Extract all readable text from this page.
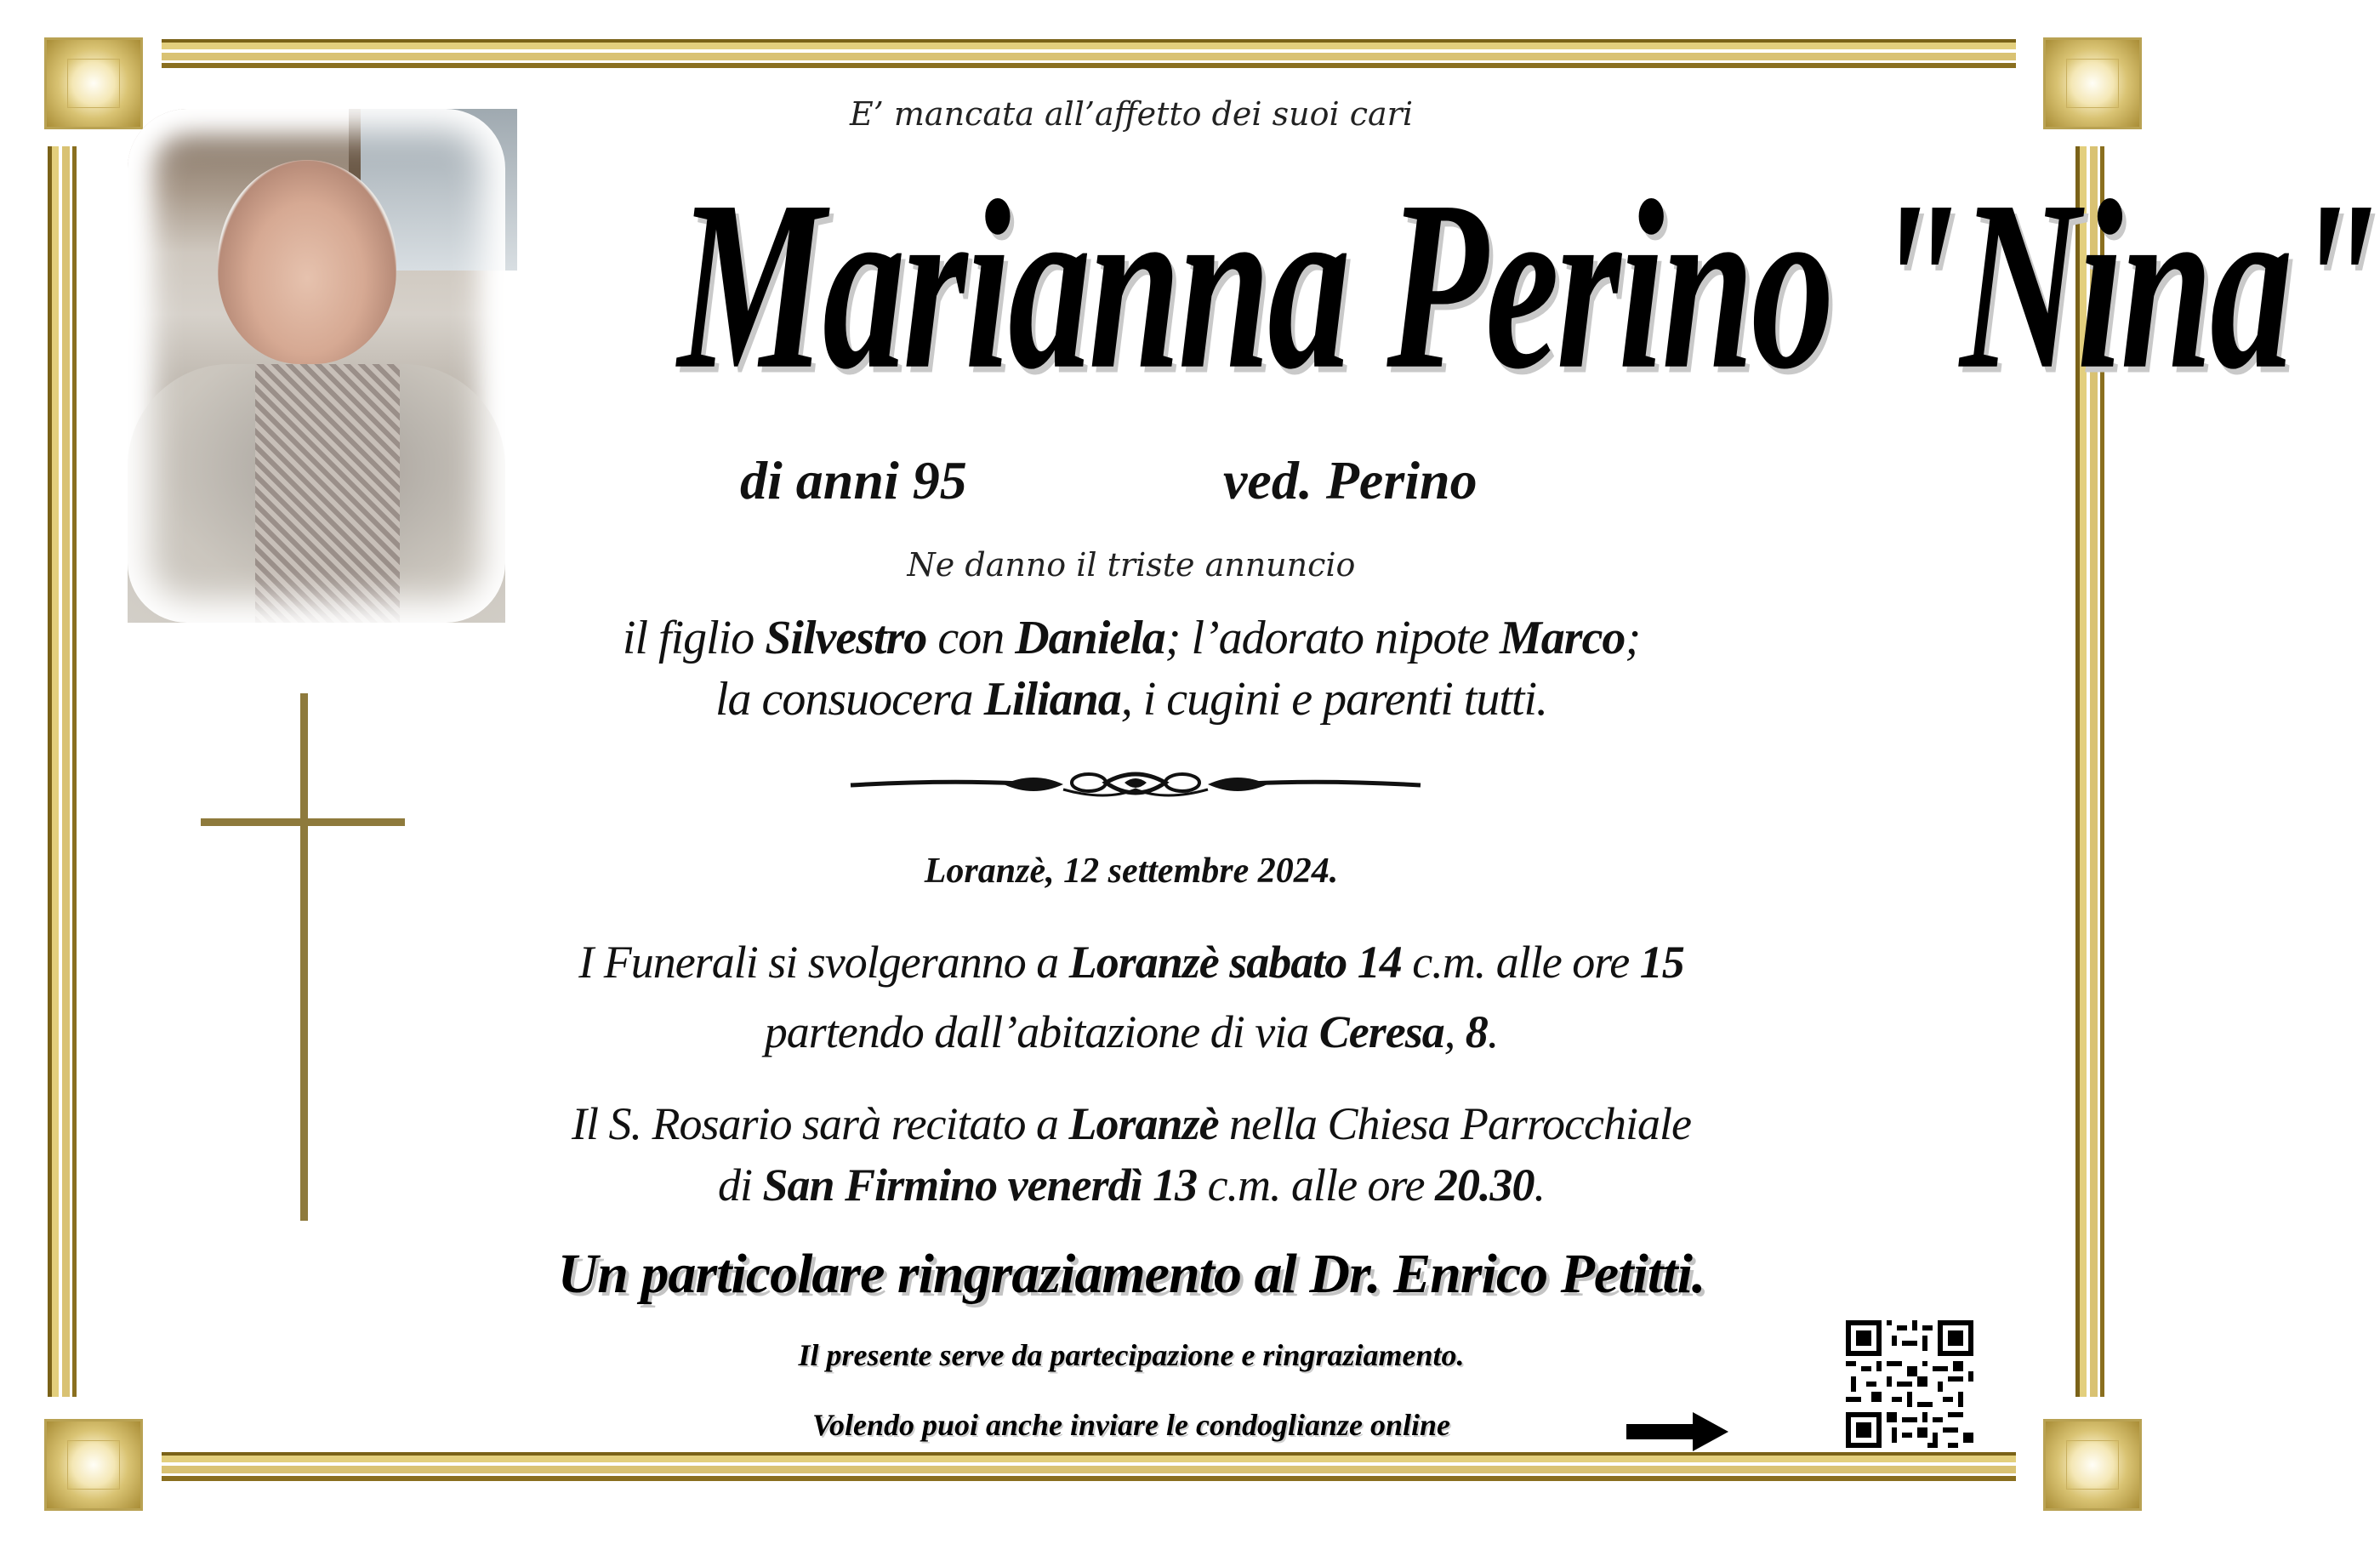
E’ mancata all’affetto dei suoi cari
Marianna Perino "Nina"
di anni 95	ved. Perino
Ne danno il triste annuncio
il figlio Silvestro con Daniela; l’adorato nipote Marco;
la consuocera Liliana, i cugini e parenti tutti.
Loranzè, 12 settembre 2024.
I Funerali si svolgeranno a Loranzè sabato 14 c.m. alle ore 15
partendo dall’abitazione di via Ceresa, 8.
Il S. Rosario sarà recitato a Loranzè nella Chiesa Parrocchiale
di San Firmino venerdì 13 c.m. alle ore 20.30.
Un particolare ringraziamento al Dr. Enrico Petitti.
Il presente serve da partecipazione e ringraziamento.
Volendo puoi anche inviare le condoglianze online
